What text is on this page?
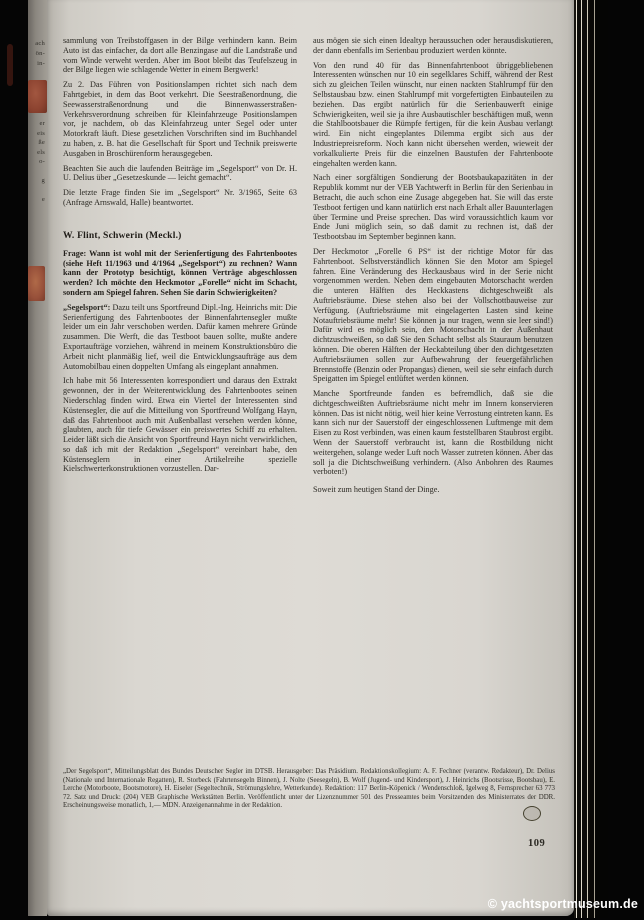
ach
ön-
in-
er
eis
ße
els
o-
g
e

sammlung von Treibstoffgasen in der Bilge verhindern kann. Beim Auto ist das einfacher, da dort alle Benzingase auf die Landstraße und vom Winde verweht werden. Aber im Boot bleibt das Teufelszeug in der Bilge liegen wie schlagende Wetter in einem Bergwerk!

Zu 2. Das Führen von Positionslampen richtet sich nach dem Fahrtgebiet, in dem das Boot verkehrt. Die Seestraßenordnung, die Seewasserstraßenordnung und die Binnenwasserstraßen-Verkehrsverordnung schreiben für Kleinfahrzeuge Positionslampen vor, je nachdem, ob das Kleinfahrzeug unter Segel oder unter Motorkraft läuft. Diese gesetzlichen Vorschriften sind im Buchhandel zu haben, z. B. hat die Gesellschaft für Sport und Technik preiswerte Ausgaben in Broschürenform herausgegeben.

Beachten Sie auch die laufenden Beiträge im „Segelsport“ von Dr. H. U. Delius über „Gesetzeskunde — leicht gemacht“.

Die letzte Frage finden Sie im „Segelsport“ Nr. 3/1965, Seite 63 (Anfrage Arnswald, Halle) beantwortet.

W. Flint, Schwerin (Meckl.)

Frage: Wann ist wohl mit der Serienfertigung des Fahrtenbootes (siehe Heft 11/1963 und 4/1964 „Segelsport“) zu rechnen? Wann kann der Prototyp besichtigt, können Verträge abgeschlossen werden? Ich möchte den Heckmotor „Forelle“ nicht im Schacht, sondern am Spiegel fahren. Sehen Sie darin Schwierigkeiten?

„Segelsport“: Dazu teilt uns Sportfreund Dipl.-Ing. Heinrichs mit: Die Serienfertigung des Fahrtenbootes der Binnenfahrtensegler mußte leider um ein Jahr verschoben werden. Dafür kamen mehrere Gründe zusammen. Die Werft, die das Testboot bauen sollte, mußte andere Exportaufträge vorziehen, während in meinem Konstruktionsbüro die Arbeit nicht planmäßig lief, weil die Entwicklungsaufträge aus dem Automobilbau einen doppelten Umfang als eingeplant annahmen.

Ich habe mit 56 Interessenten korrespondiert und daraus den Extrakt gewonnen, der in der Weiterentwicklung des Fahrtenbootes seinen Niederschlag finden wird. Etwa ein Viertel der Interessenten sind Küstensegler, die auf die Mitteilung von Sportfreund Wolfgang Hayn, daß das Fahrtenboot auch mit Außenballast versehen werden könne, glaubten, auch für tiefe Gewässer ein preiswertes Schiff zu erhalten. Leider läßt sich die Ansicht von Sportfreund Hayn nicht verwirklichen, so daß ich mit der Redaktion „Segelsport“ vereinbart habe, den Küstenseglern in einer Artikelreihe spezielle Kielschwerterkonstruktionen vorzustellen. Dar-

aus mögen sie sich einen Idealtyp heraussuchen oder herausdiskutieren, der dann ebenfalls im Serienbau produziert werden könnte.

Von den rund 40 für das Binnenfahrtenboot übriggebliebenen Interessenten wünschen nur 10 ein segelklares Schiff, während der Rest sich zu gleichen Teilen wünscht, nur einen nackten Stahlrumpf für den Selbstausbau bzw. einen Stahlrumpf mit vorgefertigten Einbauteilen zu beziehen. Das ergibt natürlich für die Serienbauwerft einige Schwierigkeiten, weil sie ja ihre Ausbautischler beschäftigen muß, wenn die Stahlbootsbauer die Rümpfe fertigen, für die kein Ausbau verlangt wird. Ein nicht eingeplantes Dilemma ergibt sich aus der Industriepreisreform. Noch kann nicht übersehen werden, wieweit der vorkalkulierte Preis für die einzelnen Baustufen der Fahrtenboote eingehalten werden kann.

Nach einer sorgfältigen Sondierung der Bootsbaukapazitäten in der Republik kommt nur der VEB Yachtwerft in Berlin für den Serienbau in Betracht, die auch schon eine Zusage abgegeben hat. Sie will das erste Testboot fertigen und kann natürlich erst nach Erhalt aller Bauunterlagen über Termine und Preise sprechen. Das wird voraussichtlich kaum vor Ende Juni möglich sein, so daß damit zu rechnen ist, daß der Testbootsbau im September beginnen kann.

Der Heckmotor „Forelle 6 PS“ ist der richtige Motor für das Fahrtenboot. Selbstverständlich können Sie den Motor am Spiegel fahren. Eine Veränderung des Heckausbaus wird in der Serie nicht vorgenommen werden. Neben dem eingebauten Motorschacht werden die unteren Hälften des Heckkastens dichtgeschweißt als Auftriebsräume. Diese stehen also bei der Vollschottbauweise zur Verfügung. (Auftriebsräume mit eingelagerten Lasten sind keine Notauftriebsräume mehr! Sie können ja nur tragen, wenn sie leer sind!) Dafür wird es möglich sein, den Motorschacht in der Außenhaut dichtzuschweißen, so daß Sie den Schacht selbst als Stauraum benutzen können. Die oberen Hälften der Heckabteilung über den dichtgesetzten Auftriebsräumen sollen zur Aufbewahrung der feuergefährlichen Brennstoffe (Benzin oder Propangas) dienen, weil sie sehr einfach durch Speigatten im Spiegel entlüftet werden können.

Manche Sportfreunde fanden es befremdlich, daß sie die dichtgeschweißten Auftriebsräume nicht mehr im Innern konservieren können. Das ist nicht nötig, weil hier keine Verrostung eintreten kann. Es kann sich nur der Sauerstoff der eingeschlossenen Luftmenge mit dem Eisen zu Rost verbinden, was einen kaum feststellbaren Staubrost ergibt. Wenn der Sauerstoff verbraucht ist, kann die Rostbildung nicht weitergehen, solange weder Luft noch Wasser zutreten können. Aber das soll ja die Dichtschweißung verhindern. (Also Anbohren des Raumes verboten!)

Soweit zum heutigen Stand der Dinge.

„Der Segelsport“, Mitteilungsblatt des Bundes Deutscher Segler im DTSB. Herausgeber: Das Präsidium. Redaktionskollegium: A. F. Fechner (verantw. Redakteur), Dr. Delius (Nationale und Internationale Regatten), R. Storbeck (Fahrtensegeln Binnen), J. Nolte (Seesegeln), B. Wolf (Jugend- und Kindersport), J. Heinrichs (Bootsrisse, Bootsbau), E. Lerche (Motorboote, Bootsmotore), H. Eiseler (Segeltechnik, Strömungslehre, Wetterkunde). Redaktion: 117 Berlin-Köpenick / Wendenschloß, Igelweg 8, Fernsprecher 63 773 72. Satz und Druck: (204) VEB Graphische Werkstätten Berlin. Veröffentlicht unter der Lizenznummer 501 des Presseamtes beim Vorsitzenden des Ministerrates der DDR. Erscheinungsweise monatlich, 1,— MDN. Anzeigenannahme in der Redaktion.
109
© yachtsportmuseum.de
